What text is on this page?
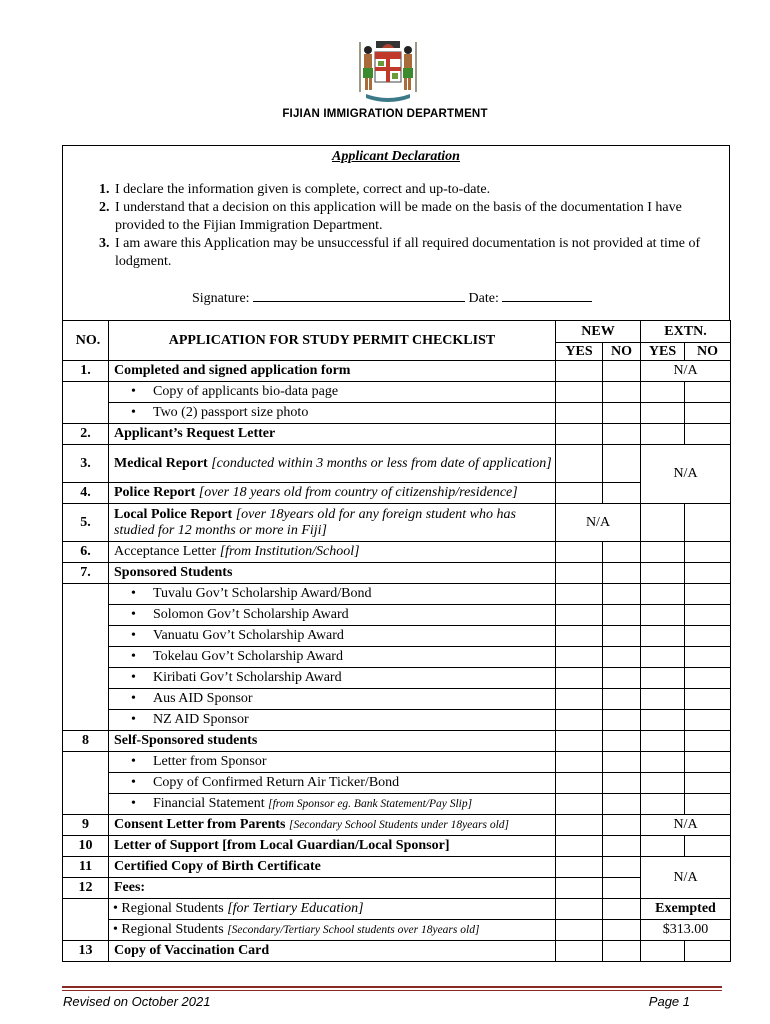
FIJIAN IMMIGRATION DEPARTMENT
Applicant Declaration
1. I declare the information given is complete, correct and up-to-date.
2. I understand that a decision on this application will be made on the basis of the documentation I have provided to the Fijian Immigration Department.
3. I am aware this Application may be unsuccessful if all required documentation is not provided at time of lodgment.
Signature:	Date:
NO.	APPLICATION FOR STUDY PERMIT CHECKLIST	NEW		EXTN.	
		YES	NO	YES	NO
1.	Completed and signed application form			N/A	
	• Copy of applicants bio-data page				
	• Two (2) passport size photo				
2.	Applicant’s Request Letter				
3.	Medical Report [conducted within 3 months or less from date of application]			N/A	
4.	Police Report [over 18 years old from country of citizenship/residence]				
5.	Local Police Report [over 18years old for any foreign student who has studied for 12 months or more in Fiji]	N/A			
6.	Acceptance Letter [from Institution/School]				
7.	Sponsored Students				
	• Tuvalu Gov’t Scholarship Award/Bond				
	• Solomon Gov’t Scholarship Award				
	• Vanuatu Gov’t Scholarship Award				
	• Tokelau Gov’t Scholarship Award				
	• Kiribati Gov’t Scholarship Award				
	• Aus AID Sponsor				
	• NZ AID Sponsor				
8	Self-Sponsored students				
	• Letter from Sponsor				
	• Copy of Confirmed Return Air Ticker/Bond				
	• Financial Statement [from Sponsor eg. Bank Statement/Pay Slip]				
9	Consent Letter from Parents [Secondary School Students under 18years old]			N/A	
10	Letter of Support [from Local Guardian/Local Sponsor]				
11	Certified Copy of Birth Certificate			N/A	
12	Fees:				
	• Regional Students [for Tertiary Education]			Exempted	
	• Regional Students [Secondary/Tertiary School students over 18years old]			$313.00	
13	Copy of Vaccination Card				
Revised on October 2021	Page 1
